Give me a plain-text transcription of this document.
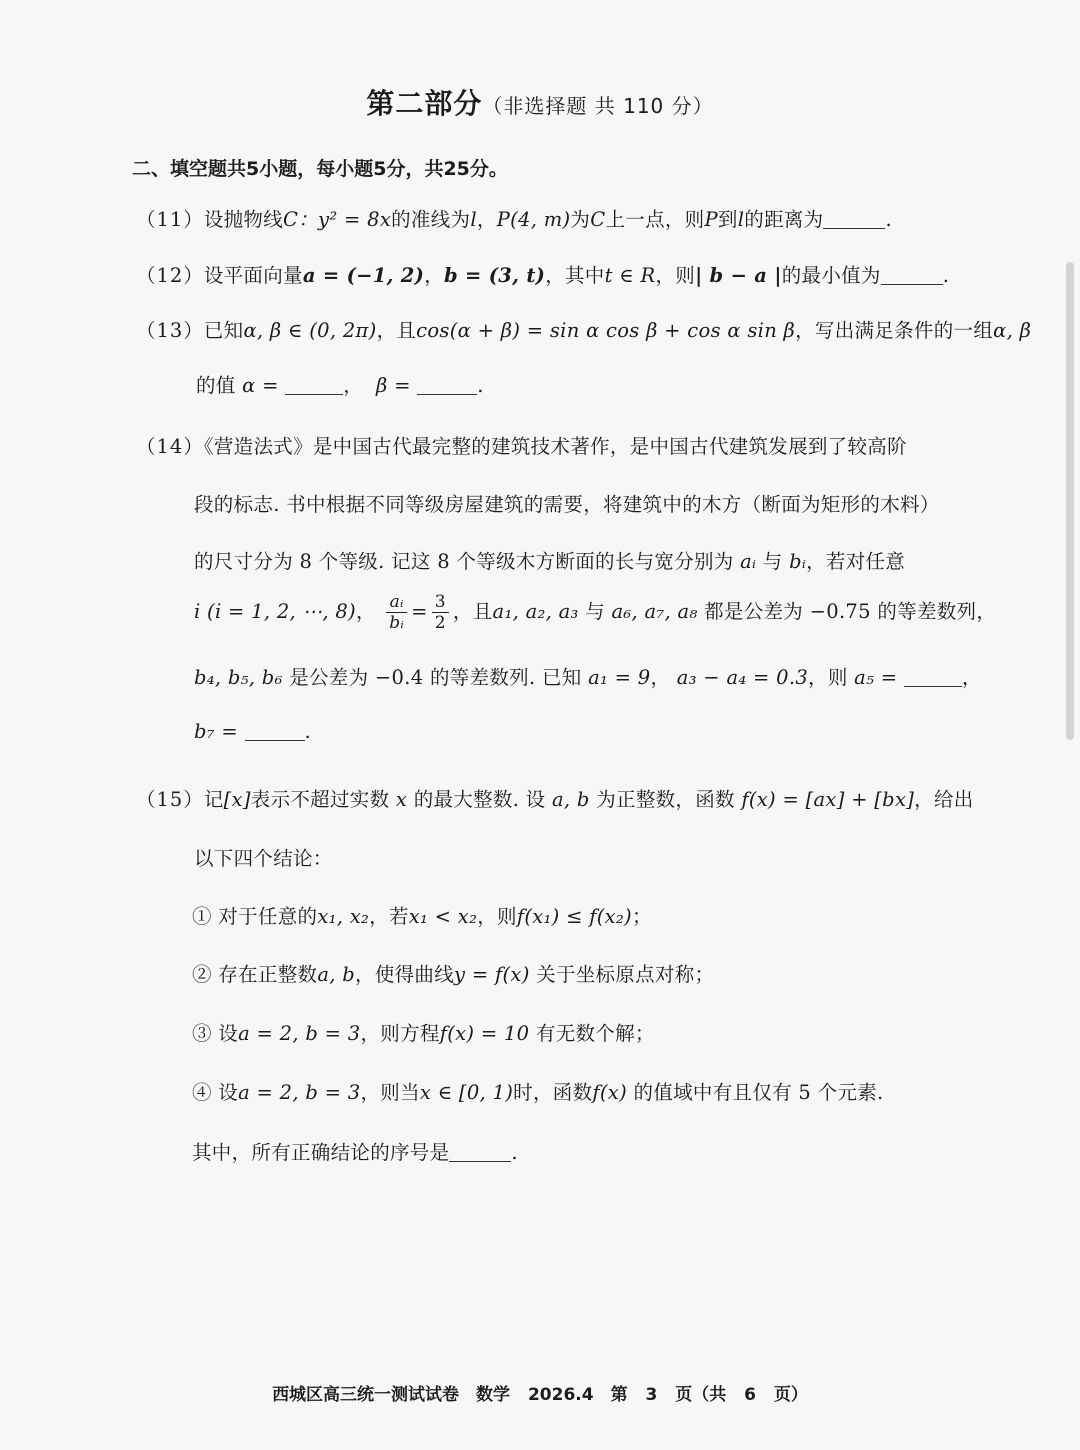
第二部分（非选择题 共 110 分）
二、填空题共5小题，每小题5分，共25分。
（11）设抛物线C：y² = 8x的准线为l，P(4, m)为C上一点，则P到l的距离为	.
（12）设平面向量a = (−1, 2)，b = (3, t)，其中t ∈ R，则| b − a |的最小值为	.
（13）已知α, β ∈ (0, 2π)，且cos(α + β) = sin α cos β + cos α sin β，写出满足条件的一组α, β
的值 α =	， β =	.
（14）《营造法式》是中国古代最完整的建筑技术著作，是中国古代建筑发展到了较高阶
段的标志. 书中根据不同等级房屋建筑的需要，将建筑中的木方（断面为矩形的木料）
的尺寸分为 8 个等级. 记这 8 个等级木方断面的长与宽分别为 aᵢ 与 bᵢ，若对任意
i (i = 1, 2, ⋯, 8)， $\frac{\text{aᵢ}}{\text{bᵢ}} = \frac{3}{2}$ ，且a₁, a₂, a₃ 与 a₆, a₇, a₈ 都是公差为 −0.75 的等差数列，
b₄, b₅, b₆ 是公差为 −0.4 的等差数列. 已知 a₁ = 9， a₃ − a₄ = 0.3，则 a₅ =	，
b₇ =	.
（15）记[x]表示不超过实数 x 的最大整数. 设 a, b 为正整数，函数 f(x) = [ax] + [bx]，给出
以下四个结论：
① 对于任意的x₁, x₂，若x₁ < x₂，则f(x₁) ≤ f(x₂)；
② 存在正整数a, b，使得曲线y = f(x) 关于坐标原点对称；
③ 设a = 2, b = 3，则方程f(x) = 10 有无数个解；
④ 设a = 2, b = 3，则当x ∈ [0, 1)时，函数f(x) 的值域中有且仅有 5 个元素.
其中，所有正确结论的序号是	.
西城区高三统一测试试卷　数学 2026.4　第 3 页（共 6 页）
